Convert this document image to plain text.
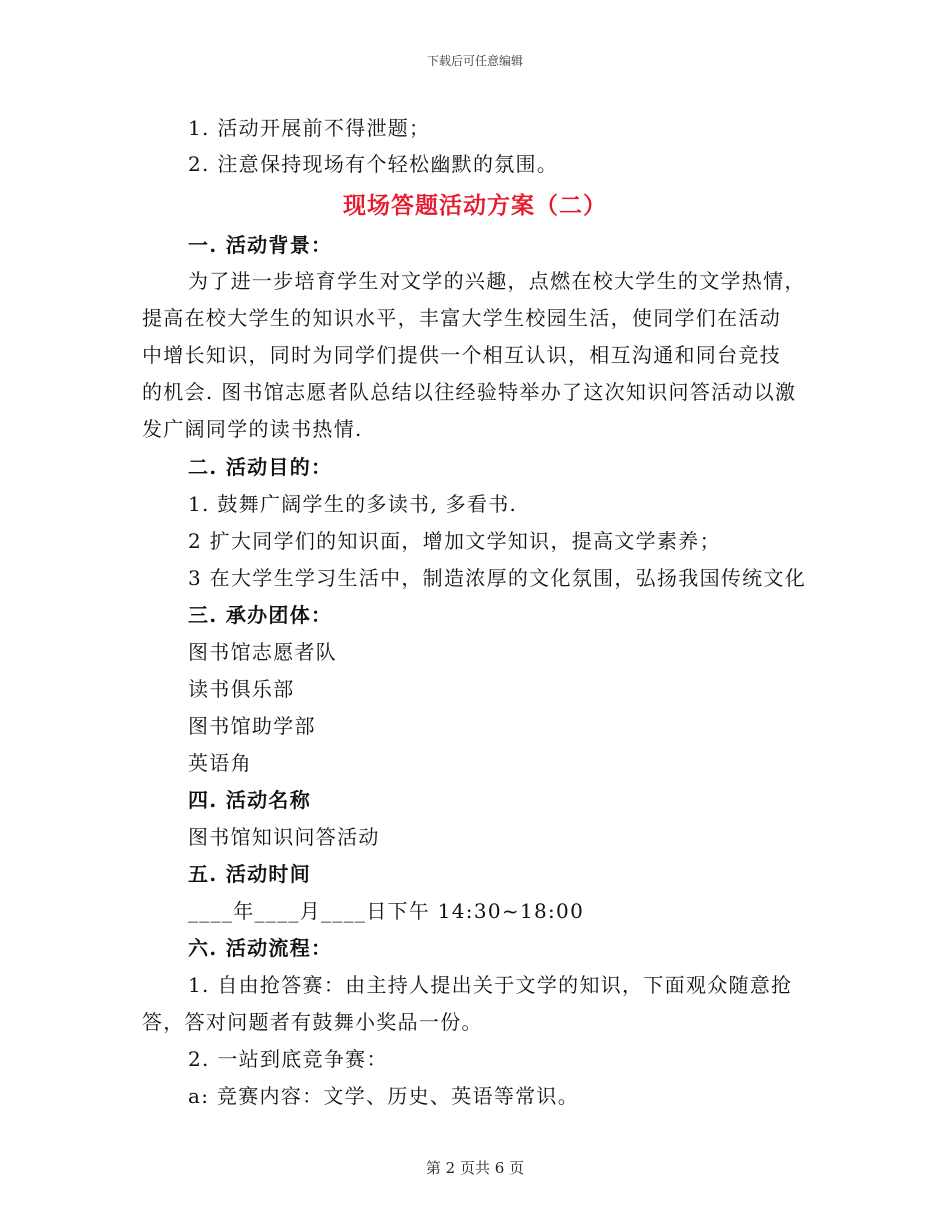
下载后可任意编辑
1. 活动开展前不得泄题；
2. 注意保持现场有个轻松幽默的氛围。
现场答题活动方案（二）
一. 活动背景：
为了进一步培育学生对文学的兴趣，点燃在校大学生的文学热情，
提高在校大学生的知识水平，丰富大学生校园生活，使同学们在活动
中增长知识，同时为同学们提供一个相互认识，相互沟通和同台竞技
的机会. 图书馆志愿者队总结以往经验特举办了这次知识问答活动以激
发广阔同学的读书热情.
二. 活动目的：
1. 鼓舞广阔学生的多读书, 多看书.
2 扩大同学们的知识面，增加文学知识，提高文学素养；
3 在大学生学习生活中，制造浓厚的文化氛围，弘扬我国传统文化
三. 承办团体：
图书馆志愿者队
读书俱乐部
图书馆助学部
英语角
四. 活动名称
图书馆知识问答活动
五. 活动时间
____年____月____日下午 14:30~18:00
六. 活动流程：
1. 自由抢答赛：由主持人提出关于文学的知识，下面观众随意抢
答，答对问题者有鼓舞小奖品一份。
2. 一站到底竞争赛：
a: 竞赛内容：文学、历史、英语等常识。
第 2 页共 6 页
